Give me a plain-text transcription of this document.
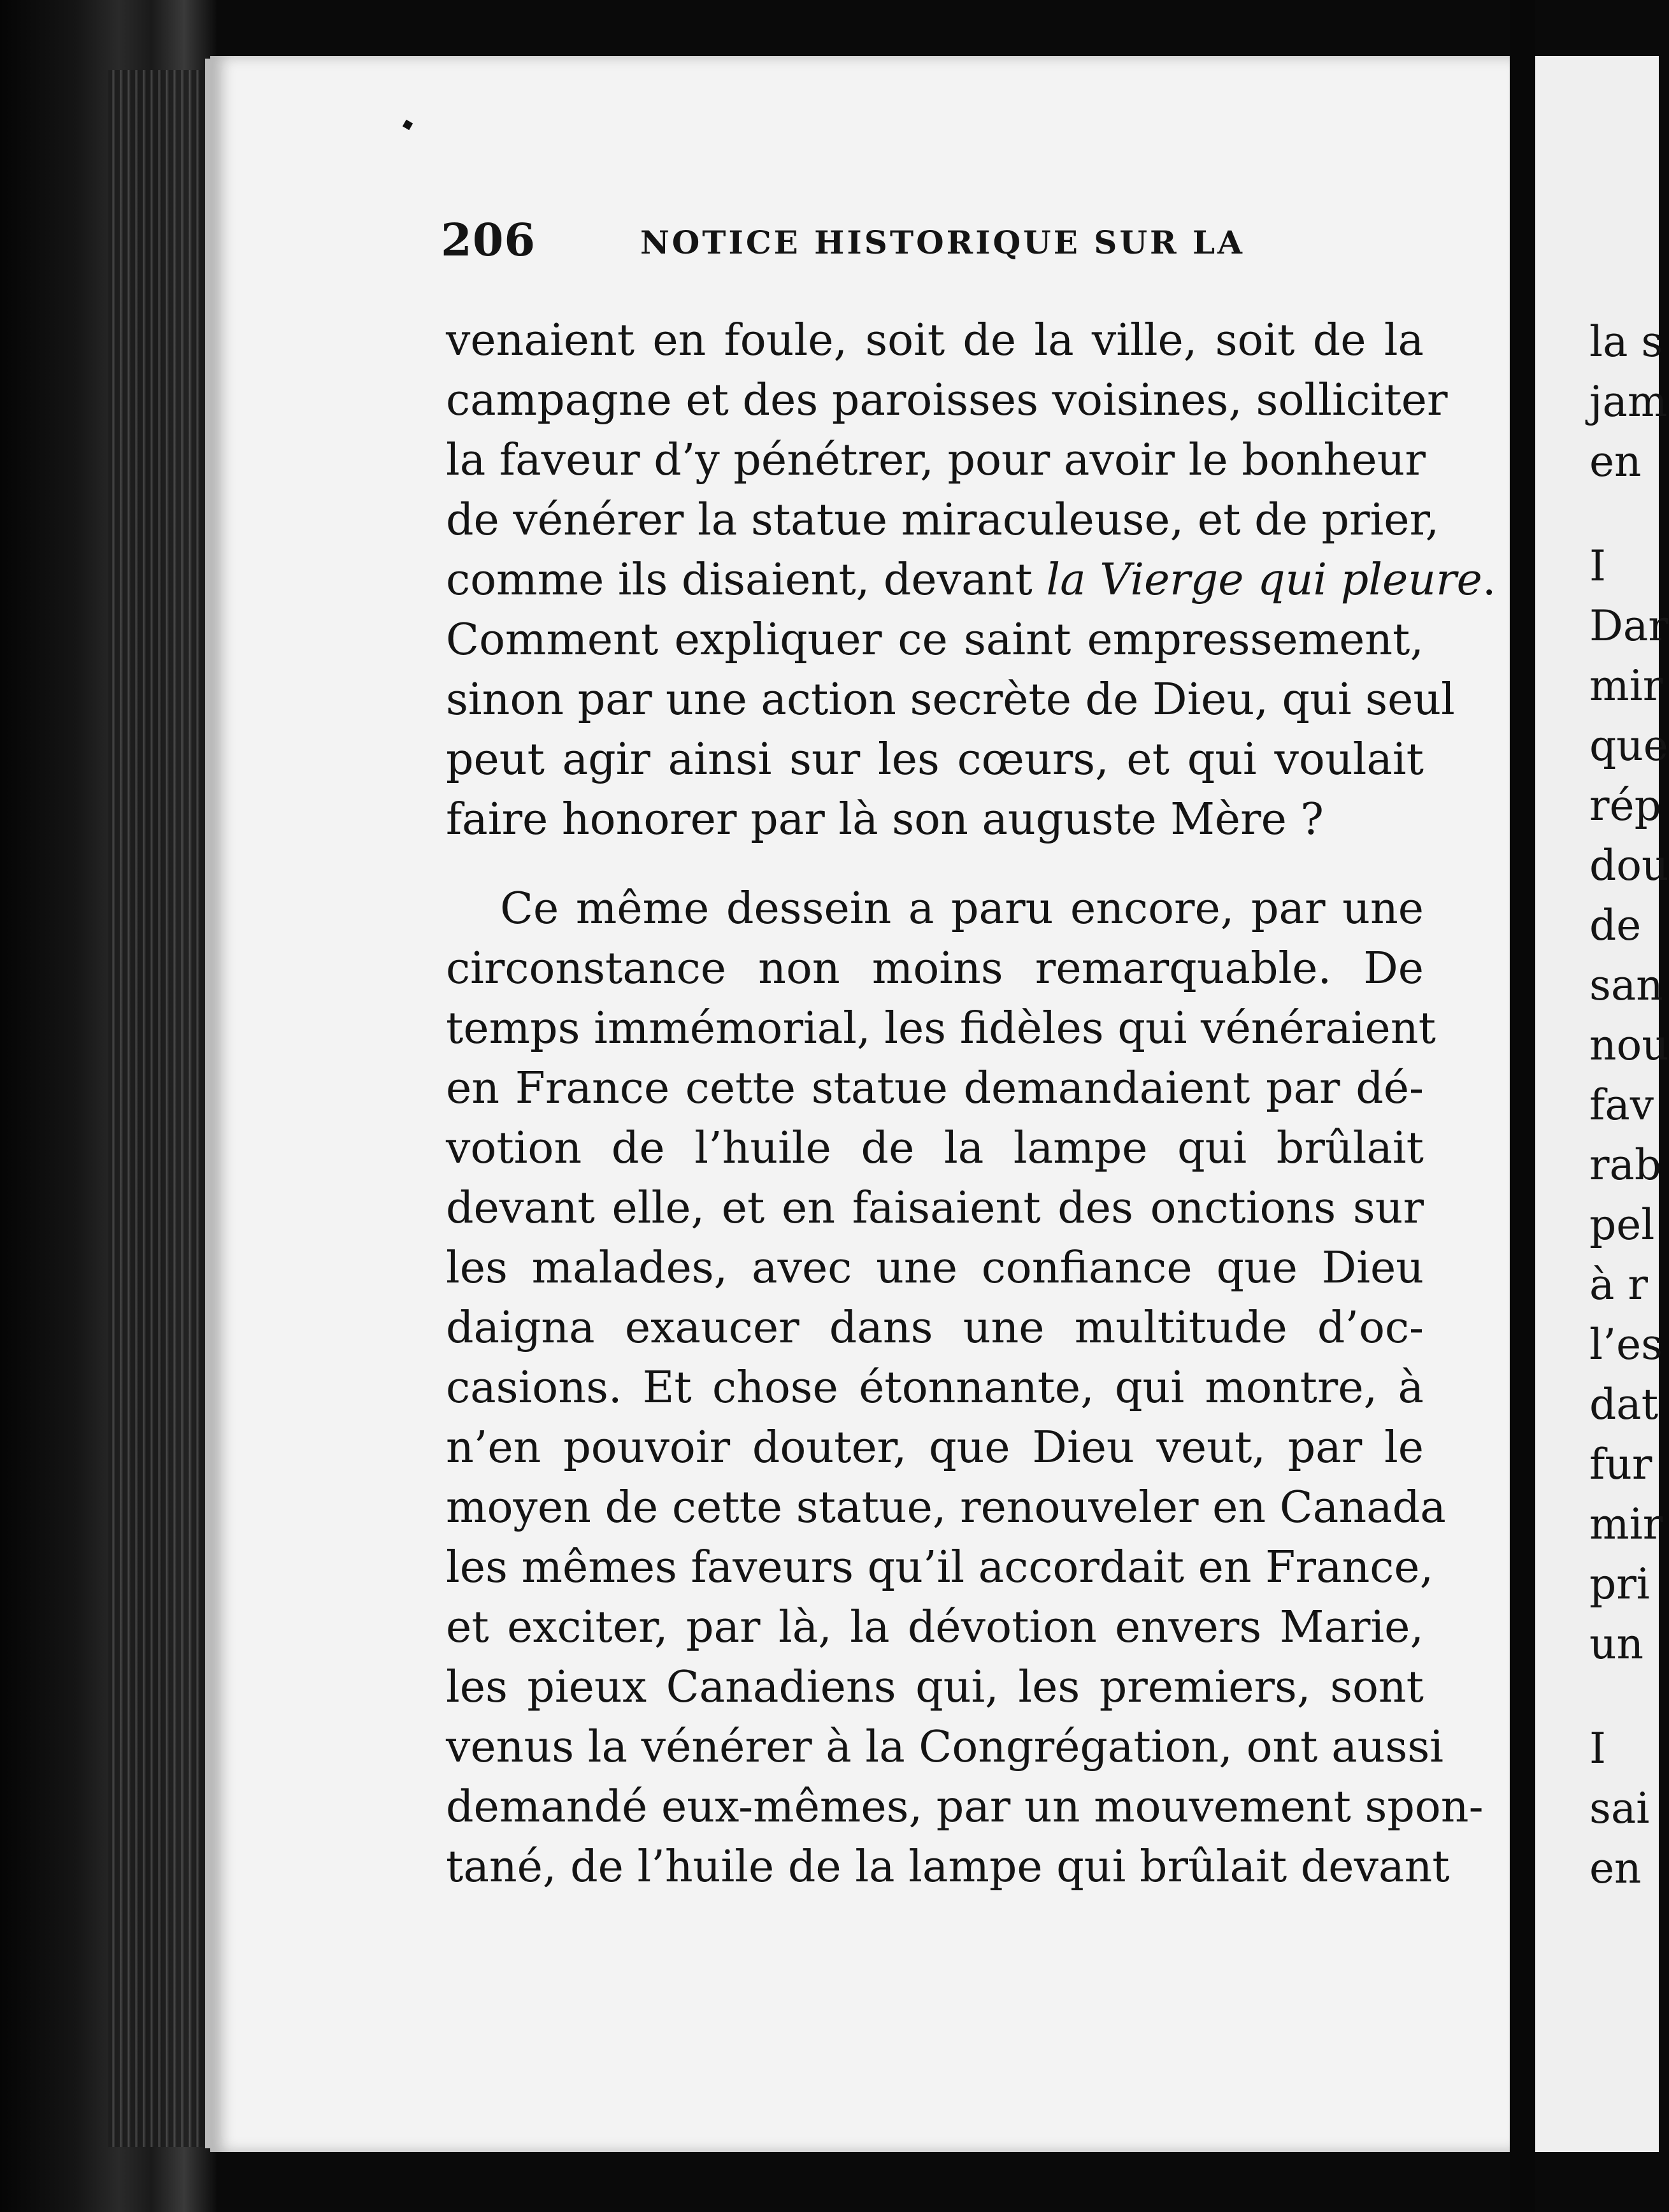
206	NOTICE HISTORIQUE SUR LA
venaient en foule, soit de la ville, soit de la
campagne et des paroisses voisines, solliciter
la faveur d’y pénétrer, pour avoir le bonheur
de vénérer la statue miraculeuse, et de prier,
comme ils disaient, devant la Vierge qui pleure.
Comment expliquer ce saint empressement,
sinon par une action secrète de Dieu, qui seul
peut agir ainsi sur les cœurs, et qui voulait
faire honorer par là son auguste Mère ?
Ce même dessein a paru encore, par une
circonstance non moins remarquable. De
temps immémorial, les fidèles qui vénéraient
en France cette statue demandaient par dé-
votion de l’huile de la lampe qui brûlait
devant elle, et en faisaient des onctions sur
les malades, avec une confiance que Dieu
daigna exaucer dans une multitude d’oc-
casions. Et chose étonnante, qui montre, à
n’en pouvoir douter, que Dieu veut, par le
moyen de cette statue, renouveler en Canada
les mêmes faveurs qu’il accordait en France,
et exciter, par là, la dévotion envers Marie,
les pieux Canadiens qui, les premiers, sont
venus la vénérer à la Congrégation, ont aussi
demandé eux-mêmes, par un mouvement spon-
tané, de l’huile de la lampe qui brûlait devant
la s
jam
en
I
Dar
mir
que
rép
dou
de
san
nou
fav
rab
pel
à r
l’es
dat
fur
mir
pri
un
I
sai
en
